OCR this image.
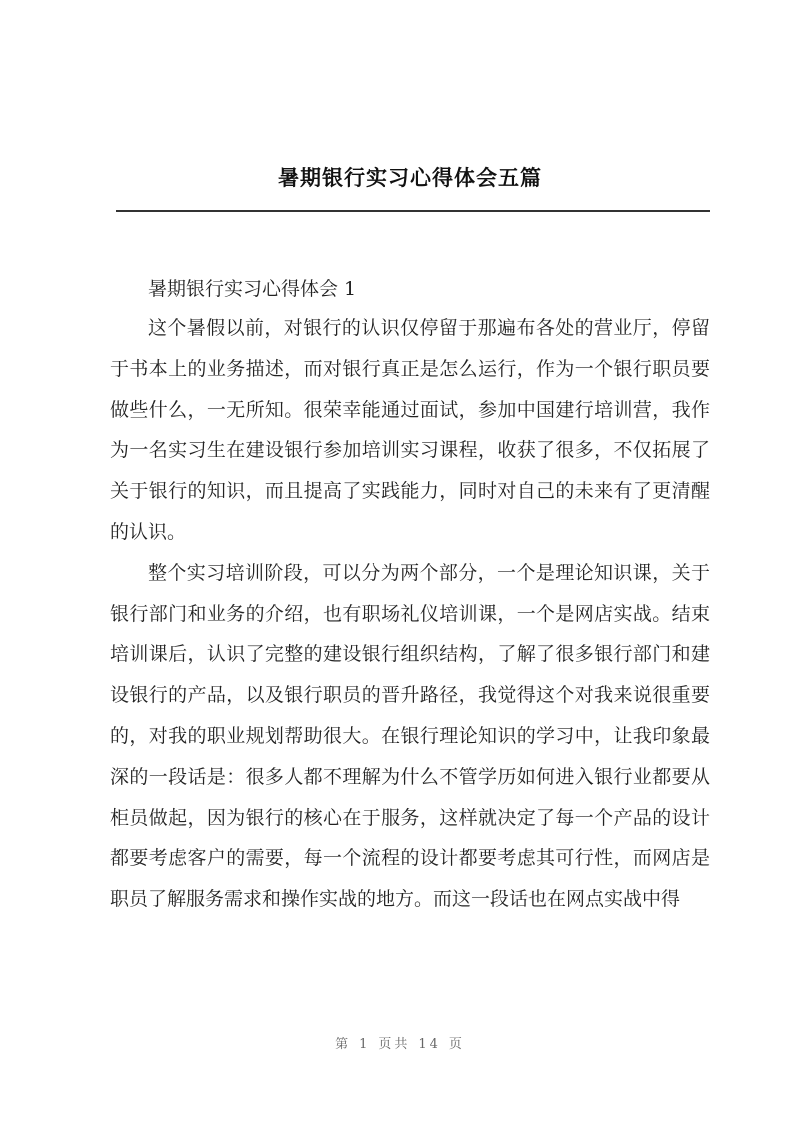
暑期银行实习心得体会五篇

暑期银行实习心得体会 1

这个暑假以前，对银行的认识仅停留于那遍布各处的营业厅，停留于书本上的业务描述，而对银行真正是怎么运行，作为一个银行职员要做些什么，一无所知。很荣幸能通过面试，参加中国建行培训营，我作为一名实习生在建设银行参加培训实习课程，收获了很多，不仅拓展了关于银行的知识，而且提高了实践能力，同时对自己的未来有了更清醒的认识。

整个实习培训阶段，可以分为两个部分，一个是理论知识课，关于银行部门和业务的介绍，也有职场礼仪培训课，一个是网店实战。结束培训课后，认识了完整的建设银行组织结构，了解了很多银行部门和建设银行的产品，以及银行职员的晋升路径，我觉得这个对我来说很重要的，对我的职业规划帮助很大。在银行理论知识的学习中，让我印象最深的一段话是：很多人都不理解为什么不管学历如何进入银行业都要从柜员做起，因为银行的核心在于服务，这样就决定了每一个产品的设计都要考虑客户的需要，每一个流程的设计都要考虑其可行性，而网店是职员了解服务需求和操作实战的地方。而这一段话也在网点实战中得

第 1 页共 14 页
